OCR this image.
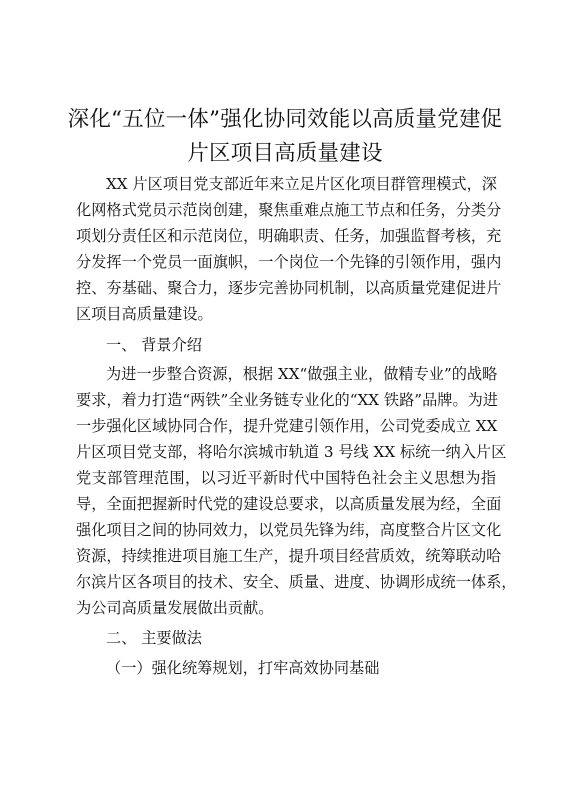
深化“五位一体”强化协同效能以高质量党建促
片区项目高质量建设
XX 片区项目党支部近年来立足片区化项目群管理模式，深
化网格式党员示范岗创建，聚焦重难点施工节点和任务，分类分
项划分责任区和示范岗位，明确职责、任务，加强监督考核，充
分发挥一个党员一面旗帜，一个岗位一个先锋的引领作用，强内
控、夯基础、聚合力，逐步完善协同机制，以高质量党建促进片
区项目高质量建设。
一、 背景介绍
为进一步整合资源，根据 XX“做强主业，做精专业”的战略
要求，着力打造“两铁”全业务链专业化的“XX 铁路”品牌。为进
一步强化区域协同合作，提升党建引领作用，公司党委成立 XX
片区项目党支部，将哈尔滨城市轨道 3 号线 XX 标统一纳入片区
党支部管理范围，以习近平新时代中国特色社会主义思想为指
导，全面把握新时代党的建设总要求，以高质量发展为经，全面
强化项目之间的协同效力，以党员先锋为纬，高度整合片区文化
资源，持续推进项目施工生产，提升项目经营质效，统筹联动哈
尔滨片区各项目的技术、安全、质量、进度、协调形成统一体系，
为公司高质量发展做出贡献。
二、 主要做法
（一）强化统筹规划，打牢高效协同基础
